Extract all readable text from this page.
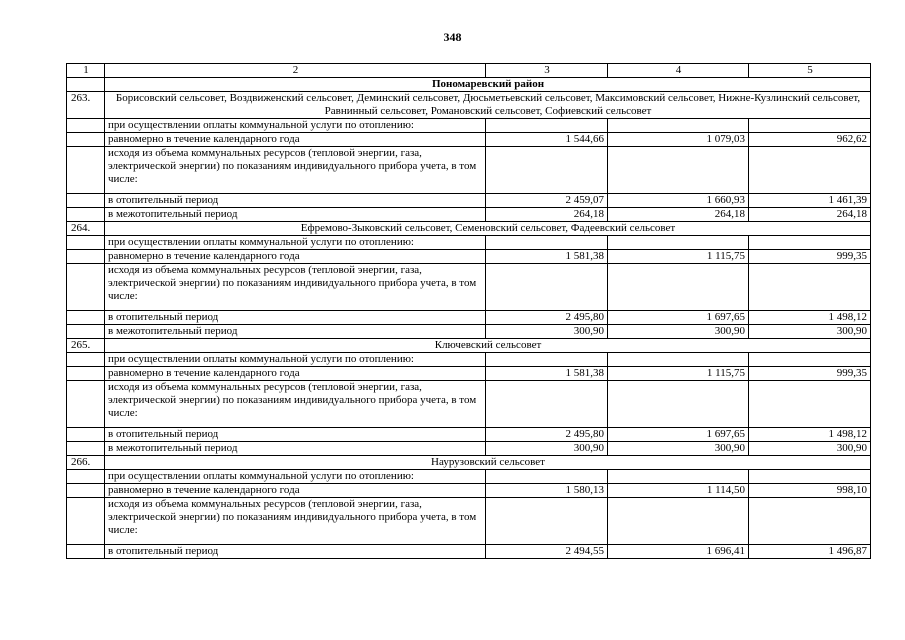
348
1	2	3	4	5
	Пономаревский район			
263.	Борисовский сельсовет, Воздвиженский сельсовет, Деминский сельсовет, Дюсьметьевский сельсовет, Максимовский сельсовет, Нижне-Кузлинский сельсовет, Равнинный сельсовет, Романовский сельсовет, Софиевский сельсовет			
	при осуществлении оплаты коммунальной услуги по отоплению:			
	равномерно в течение календарного года	1 544,66	1 079,03	962,62
	исходя из объема коммунальных ресурсов (тепловой энергии, газа, электрической энергии) по показаниям индивидуального прибора учета, в том числе:			
	в отопительный период	2 459,07	1 660,93	1 461,39
	в межотопительный период	264,18	264,18	264,18
264.	Ефремово-Зыковский сельсовет, Семеновский сельсовет, Фадеевский сельсовет			
	при осуществлении оплаты коммунальной услуги по отоплению:			
	равномерно в течение календарного года	1 581,38	1 115,75	999,35
	исходя из объема коммунальных ресурсов (тепловой энергии, газа, электрической энергии) по показаниям индивидуального прибора учета, в том числе:			
	в отопительный период	2 495,80	1 697,65	1 498,12
	в межотопительный период	300,90	300,90	300,90
265.	Ключевский сельсовет			
	при осуществлении оплаты коммунальной услуги по отоплению:			
	равномерно в течение календарного года	1 581,38	1 115,75	999,35
	исходя из объема коммунальных ресурсов (тепловой энергии, газа, электрической энергии) по показаниям индивидуального прибора учета, в том числе:			
	в отопительный период	2 495,80	1 697,65	1 498,12
	в межотопительный период	300,90	300,90	300,90
266.	Наурузовский сельсовет			
	при осуществлении оплаты коммунальной услуги по отоплению:			
	равномерно в течение календарного года	1 580,13	1 114,50	998,10
	исходя из объема коммунальных ресурсов (тепловой энергии, газа, электрической энергии) по показаниям индивидуального прибора учета, в том числе:			
	в отопительный период	2 494,55	1 696,41	1 496,87
